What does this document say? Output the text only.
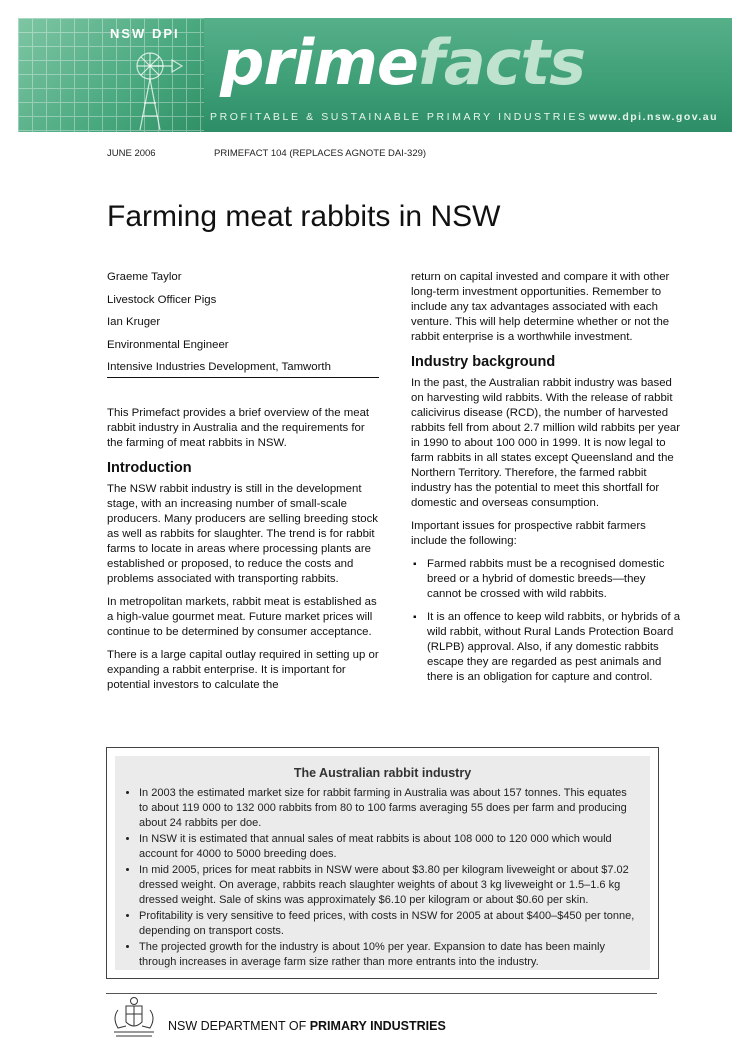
NSW DPI primefacts
PROFITABLE & SUSTAINABLE PRIMARY INDUSTRIES www.dpi.nsw.gov.au
JUNE 2006	PRIMEFACT 104 (REPLACES AGNOTE DAI-329)
Farming meat rabbits in NSW
Graeme Taylor
Livestock Officer Pigs
Ian Kruger
Environmental Engineer
Intensive Industries Development, Tamworth

This Primefact provides a brief overview of the meat rabbit industry in Australia and the requirements for the farming of meat rabbits in NSW.

Introduction

The NSW rabbit industry is still in the development stage, with an increasing number of small-scale producers. Many producers are selling breeding stock as well as rabbits for slaughter. The trend is for rabbit farms to locate in areas where processing plants are established or proposed, to reduce the costs and problems associated with transporting rabbits.

In metropolitan markets, rabbit meat is established as a high-value gourmet meat. Future market prices will continue to be determined by consumer acceptance.

There is a large capital outlay required in setting up or expanding a rabbit enterprise. It is important for potential investors to calculate the

return on capital invested and compare it with other long-term investment opportunities. Remember to include any tax advantages associated with each venture. This will help determine whether or not the rabbit enterprise is a worthwhile investment.

Industry background

In the past, the Australian rabbit industry was based on harvesting wild rabbits. With the release of rabbit calicivirus disease (RCD), the number of harvested rabbits fell from about 2.7 million wild rabbits per year in 1990 to about 100 000 in 1999. It is now legal to farm rabbits in all states except Queensland and the Northern Territory. Therefore, the farmed rabbit industry has the potential to meet this shortfall for domestic and overseas consumption.

Important issues for prospective rabbit farmers include the following:

▪ Farmed rabbits must be a recognised domestic breed or a hybrid of domestic breeds—they cannot be crossed with wild rabbits.
▪ It is an offence to keep wild rabbits, or hybrids of a wild rabbit, without Rural Lands Protection Board (RLPB) approval. Also, if any domestic rabbits escape they are regarded as pest animals and there is an obligation for capture and control.
The Australian rabbit industry
• In 2003 the estimated market size for rabbit farming in Australia was about 157 tonnes. This equates to about 119 000 to 132 000 rabbits from 80 to 100 farms averaging 55 does per farm and producing about 24 rabbits per doe.
• In NSW it is estimated that annual sales of meat rabbits is about 108 000 to 120 000 which would account for 4000 to 5000 breeding does.
• In mid 2005, prices for meat rabbits in NSW were about $3.80 per kilogram liveweight or about $7.02 dressed weight. On average, rabbits reach slaughter weights of about 3 kg liveweight or 1.5–1.6 kg dressed weight. Sale of skins was approximately $6.10 per kilogram or about $0.60 per skin.
• Profitability is very sensitive to feed prices, with costs in NSW for 2005 at about $400–$450 per tonne, depending on transport costs.
• The projected growth for the industry is about 10% per year. Expansion to date has been mainly through increases in average farm size rather than more entrants into the industry.
NSW DEPARTMENT OF PRIMARY INDUSTRIES
